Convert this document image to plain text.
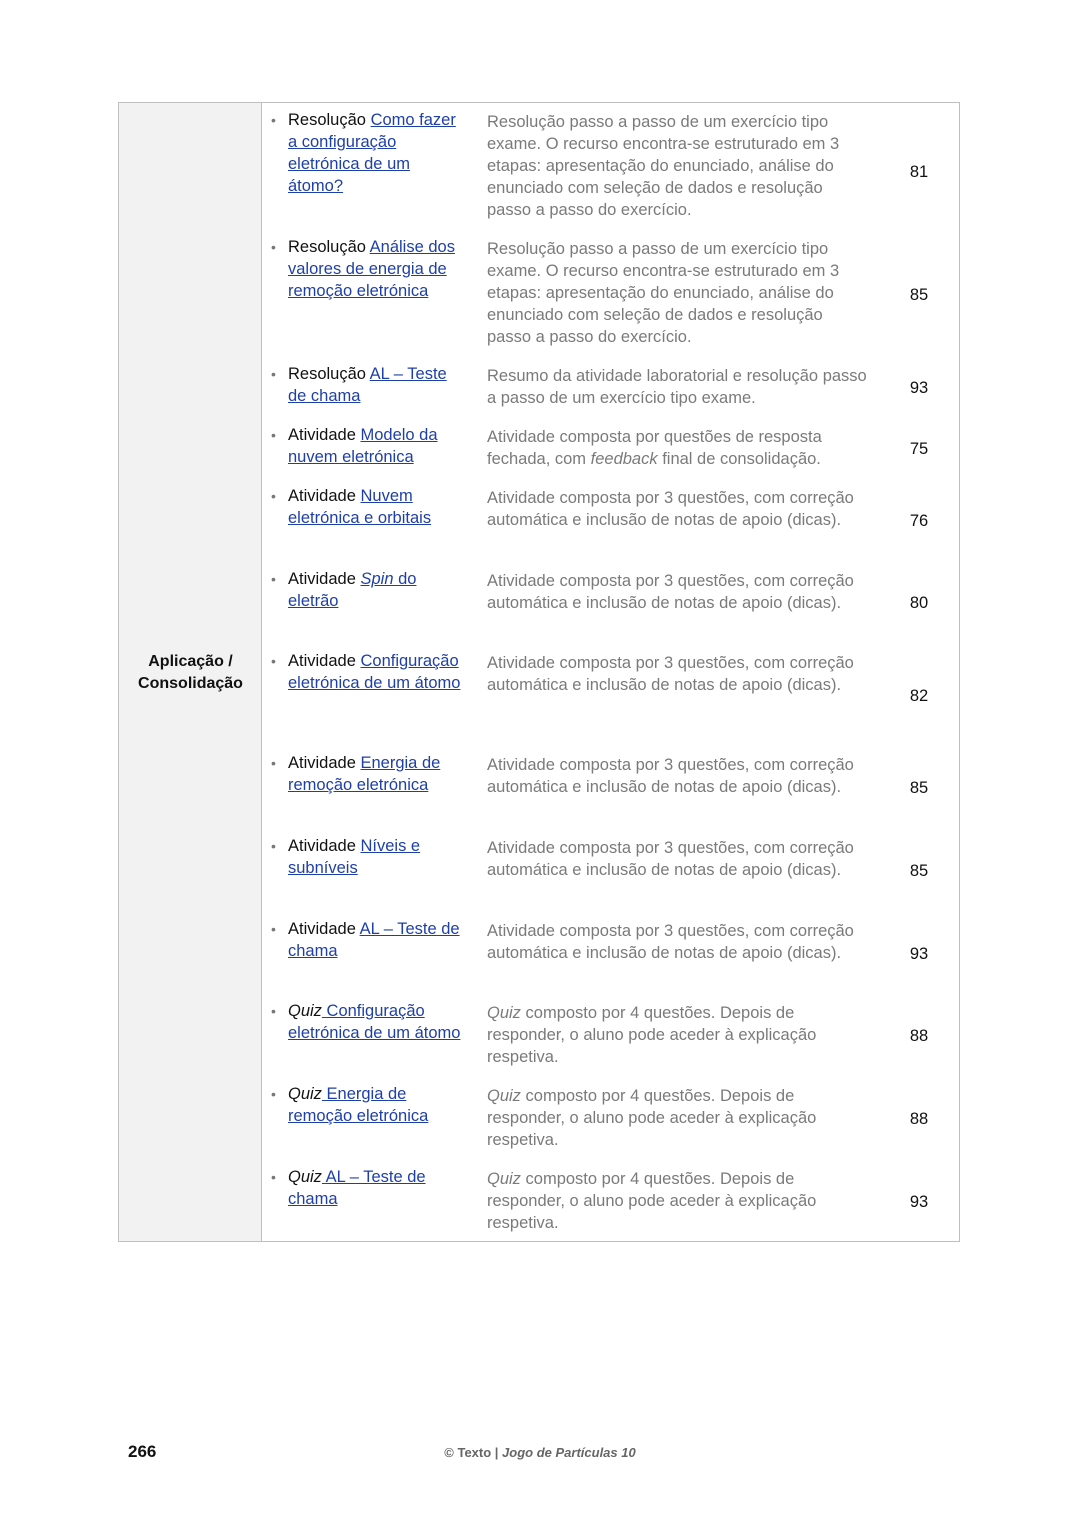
Aplicação /
Consolidação
• Resolução Como fazer a configuração eletrónica de um átomo?
Resolução passo a passo de um exercício tipo exame. O recurso encontra-se estruturado em 3 etapas: apresentação do enunciado, análise do enunciado com seleção de dados e resolução passo a passo do exercício.
81
• Resolução Análise dos valores de energia de remoção eletrónica
Resolução passo a passo de um exercício tipo exame. O recurso encontra-se estruturado em 3 etapas: apresentação do enunciado, análise do enunciado com seleção de dados e resolução passo a passo do exercício.
85
• Resolução AL – Teste de chama
Resumo da atividade laboratorial e resolução passo a passo de um exercício tipo exame.
93
• Atividade Modelo da nuvem eletrónica
Atividade composta por questões de resposta fechada, com feedback final de consolidação.
75
• Atividade Nuvem eletrónica e orbitais
Atividade composta por 3 questões, com correção automática e inclusão de notas de apoio (dicas).	76
• Atividade Spin do eletrão
Atividade composta por 3 questões, com correção automática e inclusão de notas de apoio (dicas).	80
• Atividade Configuração eletrónica de um átomo
Atividade composta por 3 questões, com correção automática e inclusão de notas de apoio (dicas).
82
• Atividade Energia de remoção eletrónica
Atividade composta por 3 questões, com correção automática e inclusão de notas de apoio (dicas).	85
• Atividade Níveis e subníveis
Atividade composta por 3 questões, com correção automática e inclusão de notas de apoio (dicas).	85
• Atividade AL – Teste de chama
Atividade composta por 3 questões, com correção automática e inclusão de notas de apoio (dicas).	93
• Quiz Configuração eletrónica de um átomo
Quiz composto por 4 questões. Depois de responder, o aluno pode aceder à explicação respetiva.
88
• Quiz Energia de remoção eletrónica
Quiz composto por 4 questões. Depois de responder, o aluno pode aceder à explicação respetiva.
88
• Quiz AL – Teste de chama
Quiz composto por 4 questões. Depois de responder, o aluno pode aceder à explicação respetiva.
93
266	© Texto | Jogo de Partículas 10
